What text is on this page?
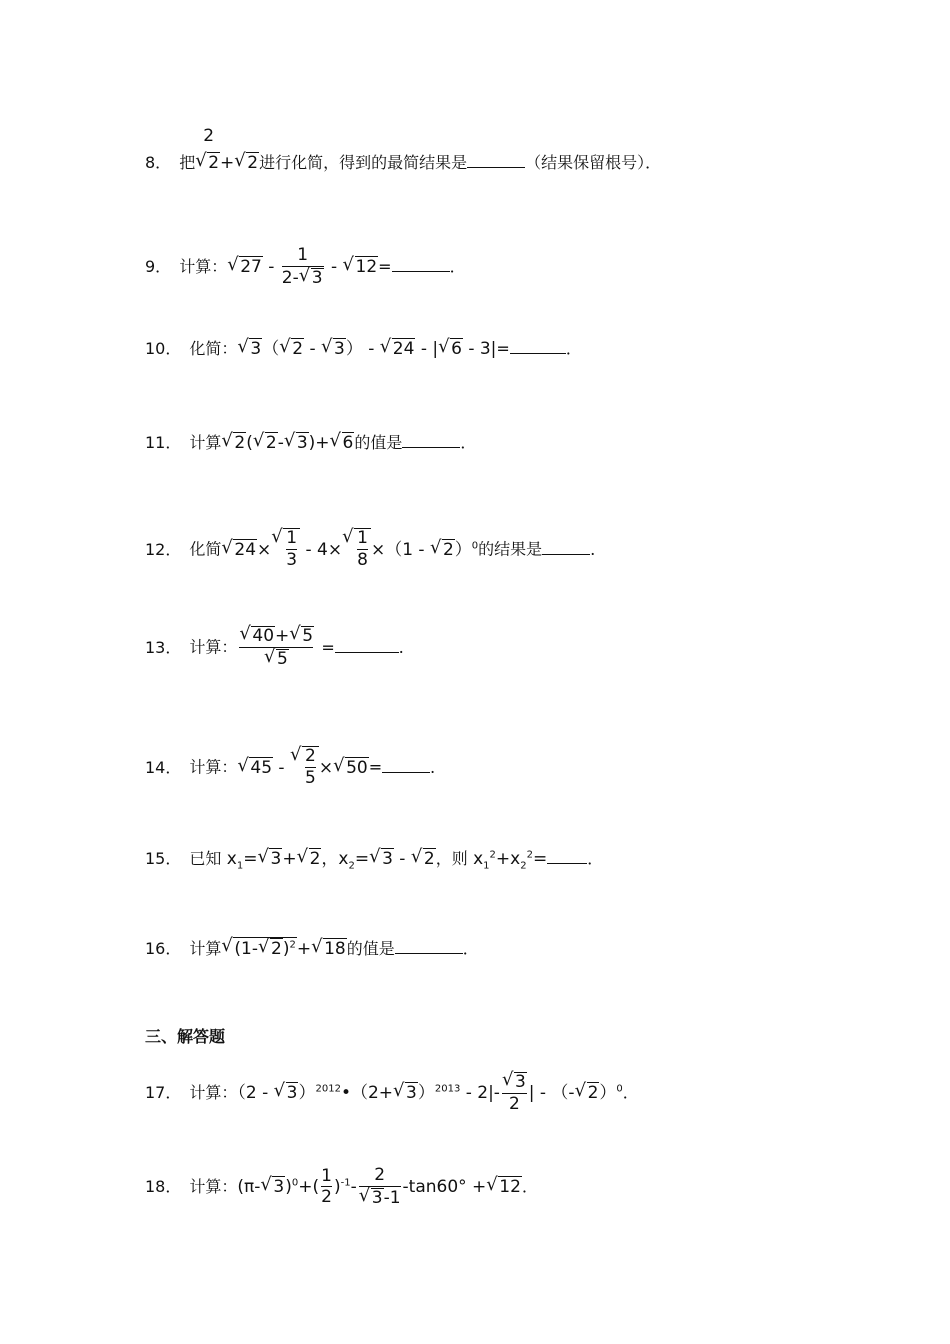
8． 把
2
√ 2+√ 2进行化简，得到的最简结果是	（结果保留根号）．
9． 计算：√ $27 - \frac{1}{2-√ 3}$ - √ 12=	．
10． 化简：√ 3（√ 2 - √ 3） - √ 24 - |√ 6 - 3|=	．
11． 计算√ 2(√ 2-√ 3)+√ 6的值是	．
12． 化简√ 24×
√ $\frac{1}{3} - 4\times$
√ $\frac{1}{8} \times(1$ - √ 2）$^0$的结果是	．
13． 计算：
√ 40+√ 5
√ 5 =	．
14． 计算：√ 45 -
√ $\frac{2}{5}$ ×√ 50=	．
15． 已知 $x_1=√$ 3+√ 2，$x_2=√$ 3 - √ 2，则 $x_1^2+x_2^2=$	．
16． 计算√ (1-√ 2)$^2$+√ 18的值是	．
三、解答题
17． 计算：（2 - √ 3）$^{2012}$•（2+√ 3）$^{2013}$ - 2|-
√ $\frac{3}{2}$ | - （-√ 2）$^0$．
18． 计算：(π-√ $3)^0+( \frac{1}{2} )^{-1}-$ 2
√ 3-1 -tan60° +√ 12．
